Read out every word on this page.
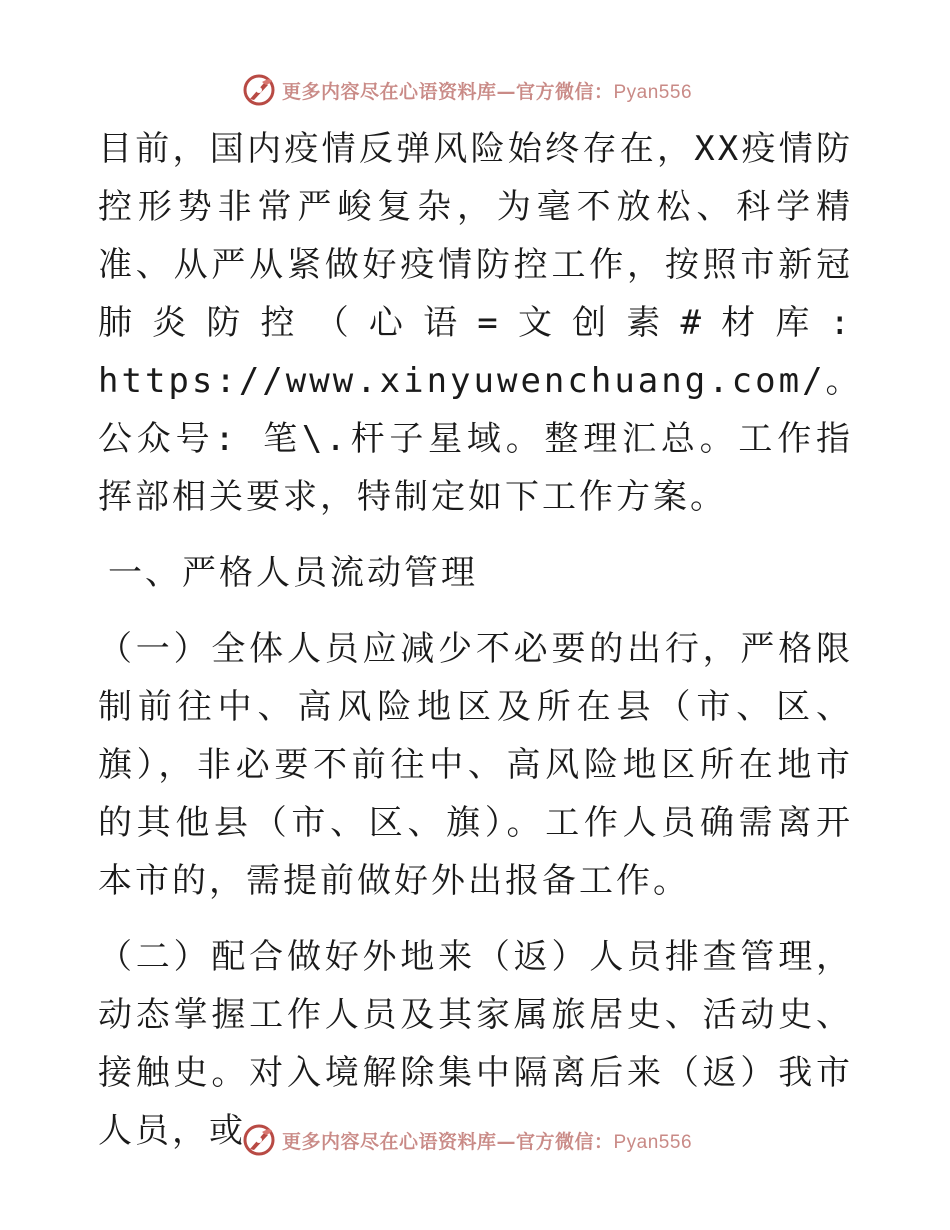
更多内容尽在心语资料库—官方微信：Pyan556

目前，国内疫情反弹风险始终存在，XX疫情防控形势非常严峻复杂，为毫不放松、科学精准、从严从紧做好疫情防控工作，按照市新冠肺炎防控（心语=文创素#材库: https://www.xinyuwenchuang.com/。公众号: 笔\.杆子星域。整理汇总。工作指挥部相关要求，特制定如下工作方案。

一、严格人员流动管理

（一）全体人员应减少不必要的出行，严格限制前往中、高风险地区及所在县（市、区、旗），非必要不前往中、高风险地区所在地市的其他县（市、区、旗）。工作人员确需离开本市的，需提前做好外出报备工作。

（二）配合做好外地来（返）人员排查管理，动态掌握工作人员及其家属旅居史、活动史、接触史。对入境解除集中隔离后来（返）我市人员，或	更多内容尽在心语资料库—官方微信：Pyan556
